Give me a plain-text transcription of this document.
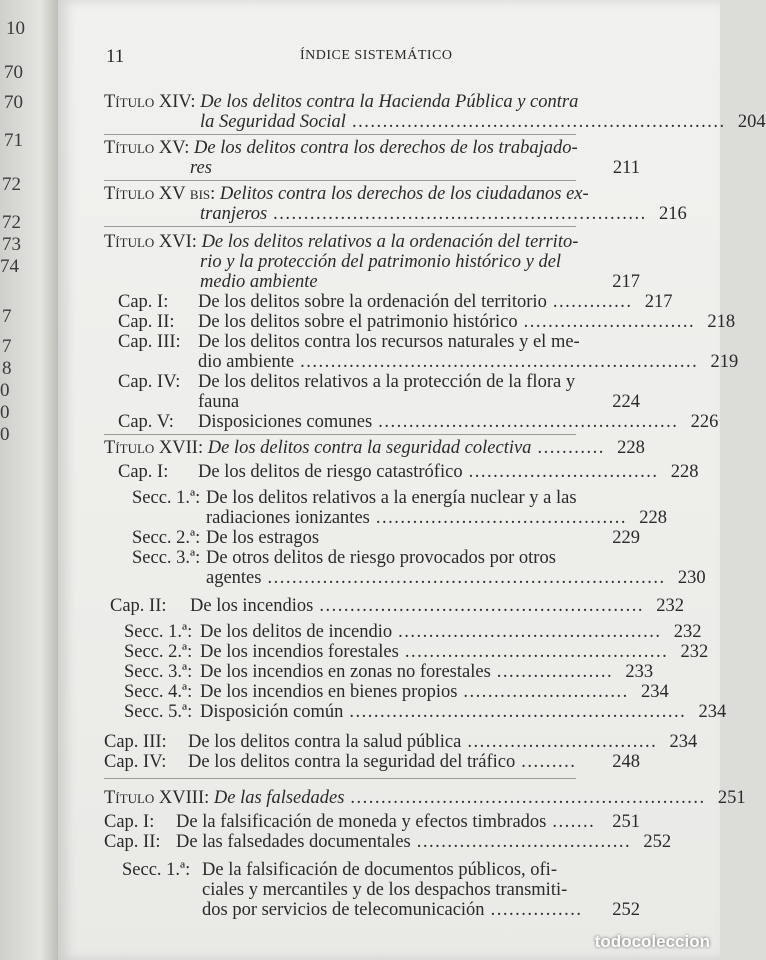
10
70
70
71
72
72
73
74
7
7
8
0
0
0
11	ÍNDICE SISTEMÁTICO
Título XIV: De los delitos contra la Hacienda Pública y contra
la Seguridad Social ............................................................. 204
Título XV: De los delitos contra los derechos de los trabajado-
res	211
Título XV bis: Delitos contra los derechos de los ciudadanos ex-
tranjeros ............................................................. 216
Título XVI: De los delitos relativos a la ordenación del territo-
rio y la protección del patrimonio histórico y del
medio ambiente	217
Cap. I: De los delitos sobre la ordenación del territorio ............. 217
Cap. II: De los delitos sobre el patrimonio histórico ............................ 218
Cap. III: De los delitos contra los recursos naturales y el me-
dio ambiente ................................................................. 219
Cap. IV: De los delitos relativos a la protección de la flora y
fauna	224
Cap. V: Disposiciones comunes ................................................. 226
Título XVII: De los delitos contra la seguridad colectiva ........... 228
Cap. I: De los delitos de riesgo catastrófico ............................... 228
Secc. 1.ª: De los delitos relativos a la energía nuclear y a las
radiaciones ionizantes ......................................... 228
Secc. 2.ª: De los estragos	229
Secc. 3.ª: De otros delitos de riesgo provocados por otros
agentes ................................................................. 230
Cap. II: De los incendios ..................................................... 232
Secc. 1.ª: De los delitos de incendio ........................................... 232
Secc. 2.ª: De los incendios forestales ........................................... 232
Secc. 3.ª: De los incendios en zonas no forestales ................... 233
Secc. 4.ª: De los incendios en bienes propios ........................... 234
Secc. 5.ª: Disposición común ....................................................... 234
Cap. III: De los delitos contra la salud pública ............................... 234
Cap. IV: De los delitos contra la seguridad del tráfico .........	248
Título XVIII: De las falsedades .......................................................... 251
Cap. I: De la falsificación de moneda y efectos timbrados ....... 251
Cap. II: De las falsedades documentales ................................... 252
Secc. 1.ª: De la falsificación de documentos públicos, ofi-
ciales y mercantiles y de los despachos transmiti-
dos por servicios de telecomunicación ...............	252
todocoleccion
